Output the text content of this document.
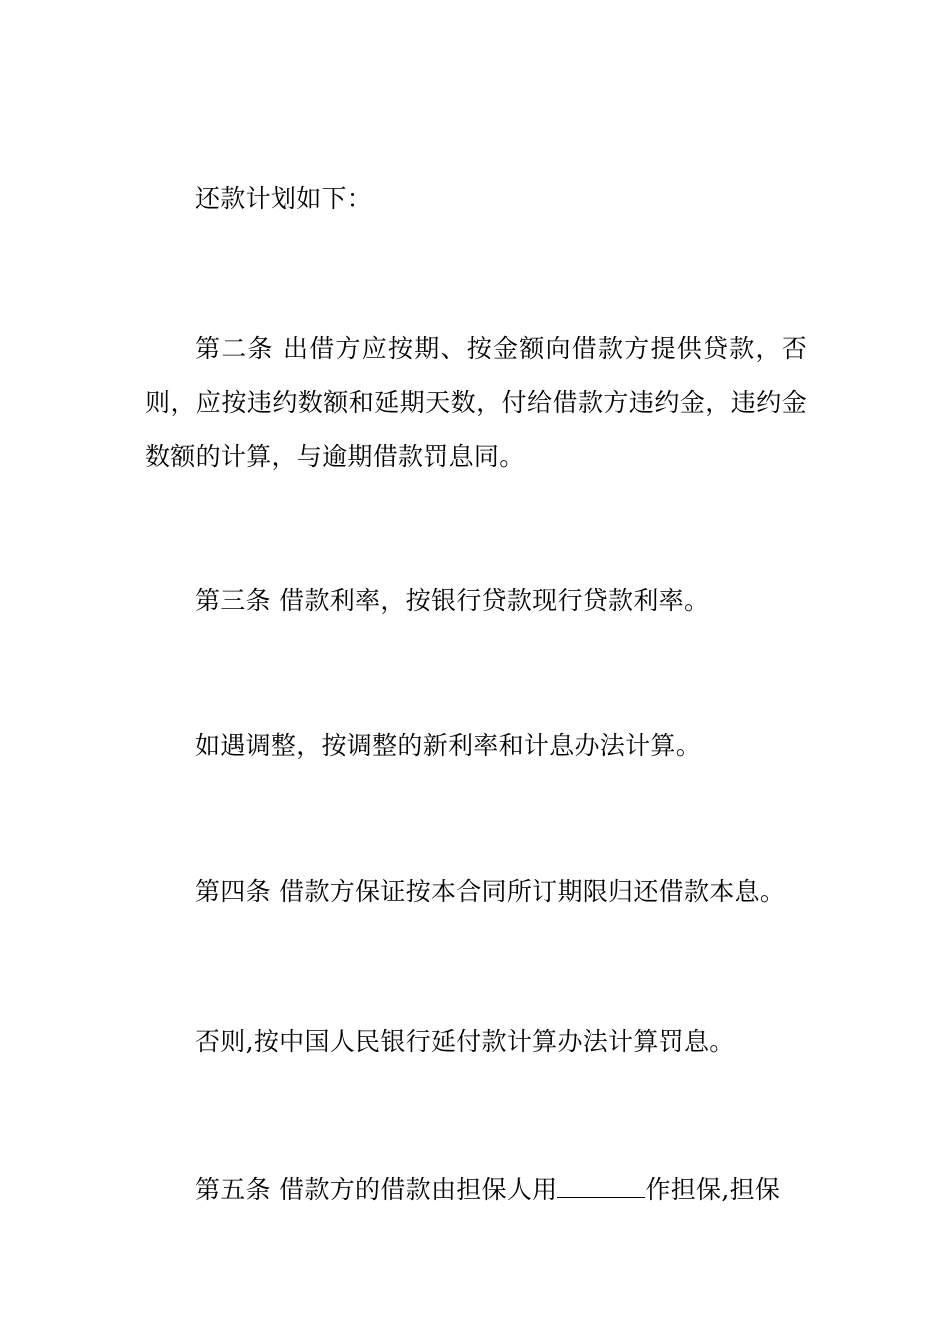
还款计划如下：

第二条 出借方应按期、按金额向借款方提供贷款，否则，应按违约数额和延期天数，付给借款方违约金，违约金数额的计算，与逾期借款罚息同。

第三条 借款利率，按银行贷款现行贷款利率。

如遇调整，按调整的新利率和计息办法计算。

第四条 借款方保证按本合同所订期限归还借款本息。

否则,按中国人民银行延付款计算办法计算罚息。

第五条 借款方的借款由担保人用	作担保,担保
